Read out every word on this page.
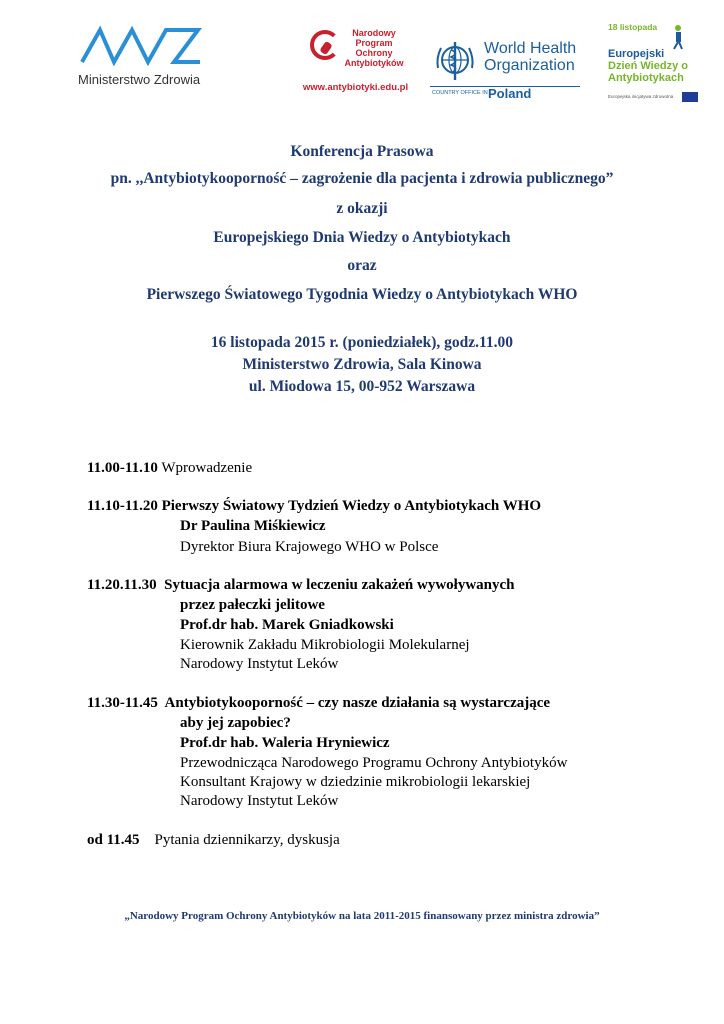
Ministerstwo Zdrowia
Narodowy
Program
Ochrony
Antybiotyków
www.antybiotyki.edu.pl
World Health
Organization
COUNTRY OFFICE IN Poland
18 listopada
Europejski
Dzień Wiedzy o
Antybiotykach
Europejska inicjatywa zdrowotna
Konferencja Prasowa
pn. ,,Antybiotykooporność – zagrożenie dla pacjenta i zdrowia publicznego”
z okazji
Europejskiego Dnia Wiedzy o Antybiotykach
oraz
Pierwszego Światowego Tygodnia Wiedzy o Antybiotykach WHO
16 listopada 2015 r. (poniedziałek), godz.11.00
Ministerstwo Zdrowia, Sala Kinowa
ul. Miodowa 15, 00-952 Warszawa
11.00-11.10 Wprowadzenie
11.10-11.20 Pierwszy Światowy Tydzień Wiedzy o Antybiotykach WHO
Dr Paulina Miśkiewicz
Dyrektor Biura Krajowego WHO w Polsce
11.20.11.30 Sytuacja alarmowa w leczeniu zakażeń wywoływanych
przez pałeczki jelitowe
Prof.dr hab. Marek Gniadkowski
Kierownik Zakładu Mikrobiologii Molekularnej
Narodowy Instytut Leków
11.30-11.45 Antybiotykooporność – czy nasze działania są wystarczające
aby jej zapobiec?
Prof.dr hab. Waleria Hryniewicz
Przewodnicząca Narodowego Programu Ochrony Antybiotyków
Konsultant Krajowy w dziedzinie mikrobiologii lekarskiej
Narodowy Instytut Leków
od 11.45 Pytania dziennikarzy, dyskusja
„Narodowy Program Ochrony Antybiotyków na lata 2011-2015 finansowany przez ministra zdrowia”
